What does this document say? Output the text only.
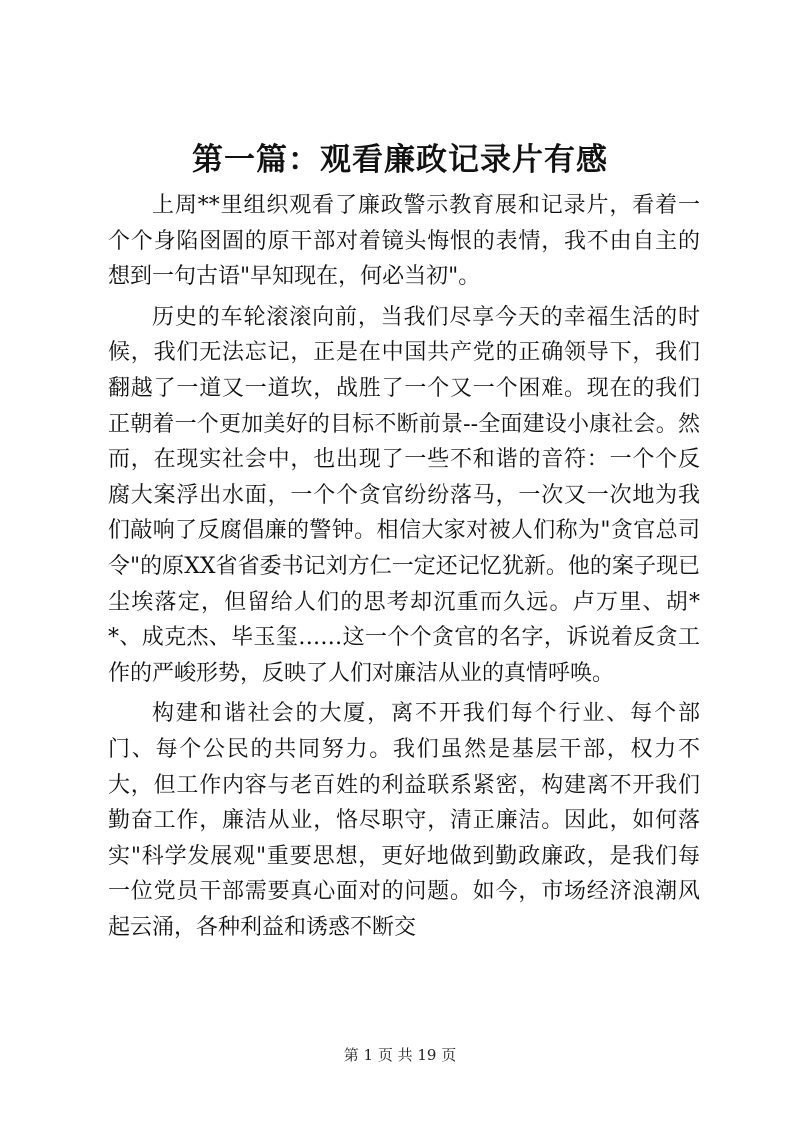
第一篇：观看廉政记录片有感

上周**里组织观看了廉政警示教育展和记录片，看着一个个身陷囹圄的原干部对着镜头悔恨的表情，我不由自主的想到一句古语"早知现在，何必当初"。

历史的车轮滚滚向前，当我们尽享今天的幸福生活的时候，我们无法忘记，正是在中国共产党的正确领导下，我们翻越了一道又一道坎，战胜了一个又一个困难。现在的我们正朝着一个更加美好的目标不断前景--全面建设小康社会。然而，在现实社会中，也出现了一些不和谐的音符：一个个反腐大案浮出水面，一个个贪官纷纷落马，一次又一次地为我们敲响了反腐倡廉的警钟。相信大家对被人们称为"贪官总司令"的原XX省省委书记刘方仁一定还记忆犹新。他的案子现已尘埃落定，但留给人们的思考却沉重而久远。卢万里、胡**、成克杰、毕玉玺……这一个个贪官的名字，诉说着反贪工作的严峻形势，反映了人们对廉洁从业的真情呼唤。

构建和谐社会的大厦，离不开我们每个行业、每个部门、每个公民的共同努力。我们虽然是基层干部，权力不大，但工作内容与老百姓的利益联系紧密，构建离不开我们勤奋工作，廉洁从业，恪尽职守，清正廉洁。因此，如何落实"科学发展观"重要思想，更好地做到勤政廉政，是我们每一位党员干部需要真心面对的问题。如今，市场经济浪潮风起云涌，各种利益和诱惑不断交

第 1 页 共 19 页
